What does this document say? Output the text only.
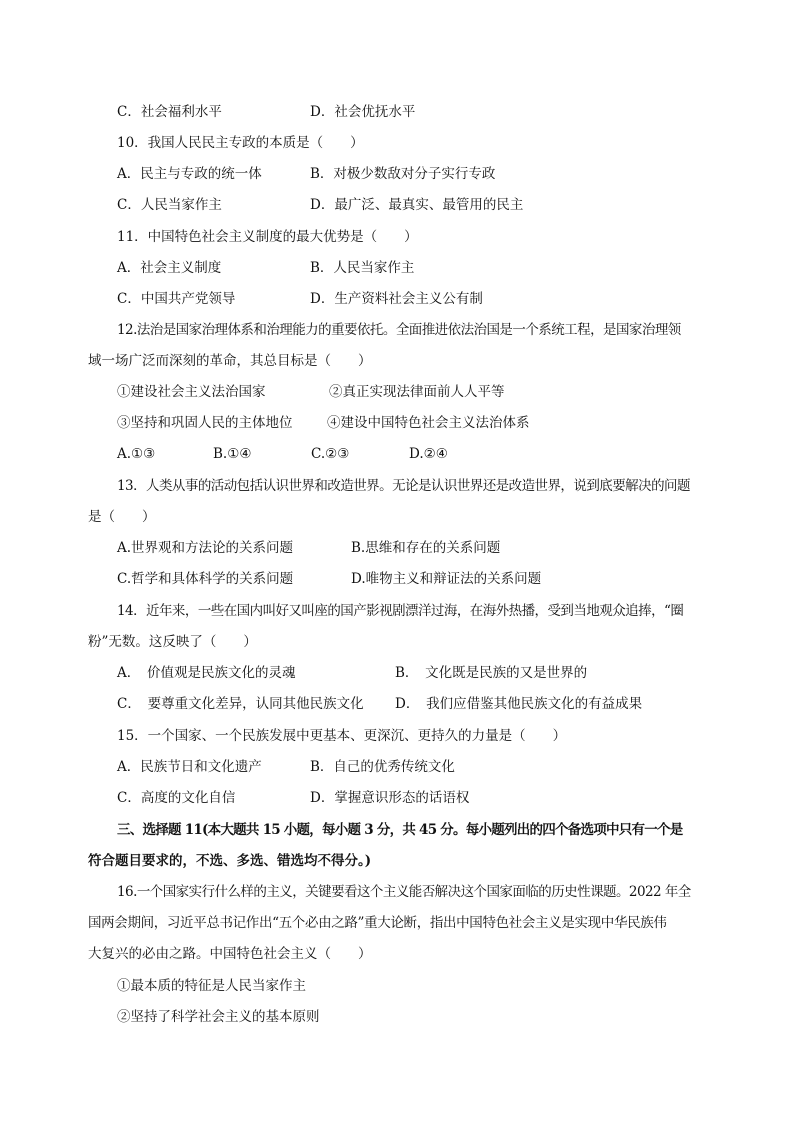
C．社会福利水平	D．社会优抚水平
10．我国人民民主专政的本质是（　　）
A．民主与专政的统一体	B．对极少数敌对分子实行专政
C．人民当家作主	D．最广泛、最真实、最管用的民主
11．中国特色社会主义制度的最大优势是（　　）
A．社会主义制度	B．人民当家作主
C．中国共产党领导	D．生产资料社会主义公有制
12.法治是国家治理体系和治理能力的重要依托。全面推进依法治国是一个系统工程，是国家治理领
域一场广泛而深刻的革命，其总目标是（　　）
①建设社会主义法治国家	②真正实现法律面前人人平等
③坚持和巩固人民的主体地位	④建设中国特色社会主义法治体系
A.①③	B.①④	C.②③	D.②④
13．人类从事的活动包括认识世界和改造世界。无论是认识世界还是改造世界，说到底要解决的问题
是（　　）
A.世界观和方法论的关系问题	B.思维和存在的关系问题
C.哲学和具体科学的关系问题	D.唯物主义和辩证法的关系问题
14．近年来，一些在国内叫好又叫座的国产影视剧漂洋过海，在海外热播，受到当地观众追捧，“圈
粉”无数。这反映了（　　）
A．　价值观是民族文化的灵魂	B．　文化既是民族的又是世界的
C．　要尊重文化差异，认同其他民族文化 D．　我们应借鉴其他民族文化的有益成果
15．一个国家、一个民族发展中更基本、更深沉、更持久的力量是（　　）
A．民族节日和文化遗产	B．自己的优秀传统文化
C．高度的文化自信	D．掌握意识形态的话语权
三、选择题 11(本大题共 15 小题，每小题 3 分，共 45 分。每小题列出的四个备选项中只有一个是
符合题目要求的，不选、多选、错选均不得分。)
16.一个国家实行什么样的主义，关键要看这个主义能否解决这个国家面临的历史性课题。2022 年全
国两会期间，习近平总书记作出“五个必由之路”重大论断，指出中国特色社会主义是实现中华民族伟
大复兴的必由之路。中国特色社会主义（　　）
①最本质的特征是人民当家作主
②坚持了科学社会主义的基本原则
